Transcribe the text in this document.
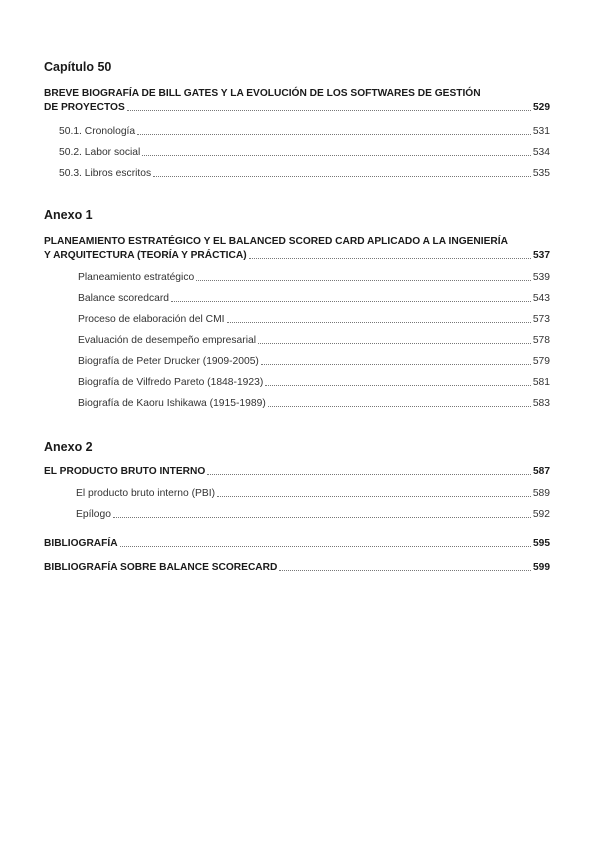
Capítulo 50
BREVE BIOGRAFÍA DE BILL GATES Y LA EVOLUCIÓN DE LOS SOFTWARES DE GESTIÓN
DE PROYECTOS	529
50.1. Cronología	531
50.2. Labor social	534
50.3. Libros escritos	535
Anexo 1
PLANEAMIENTO ESTRATÉGICO Y EL BALANCED SCORED CARD APLICADO A LA INGENIERÍA
Y ARQUITECTURA (TEORÍA Y PRÁCTICA)	537
Planeamiento estratégico	539
Balance scoredcard	543
Proceso de elaboración del CMI	573
Evaluación de desempeño empresarial	578
Biografía de Peter Drucker (1909-2005)	579
Biografía de Vilfredo Pareto (1848-1923)	581
Biografía de Kaoru Ishikawa (1915-1989)	583
Anexo 2
EL PRODUCTO BRUTO INTERNO	587
El producto bruto interno (PBI)	589
Epílogo	592
BIBLIOGRAFÍA	595
BIBLIOGRAFÍA SOBRE BALANCE SCORECARD	599
